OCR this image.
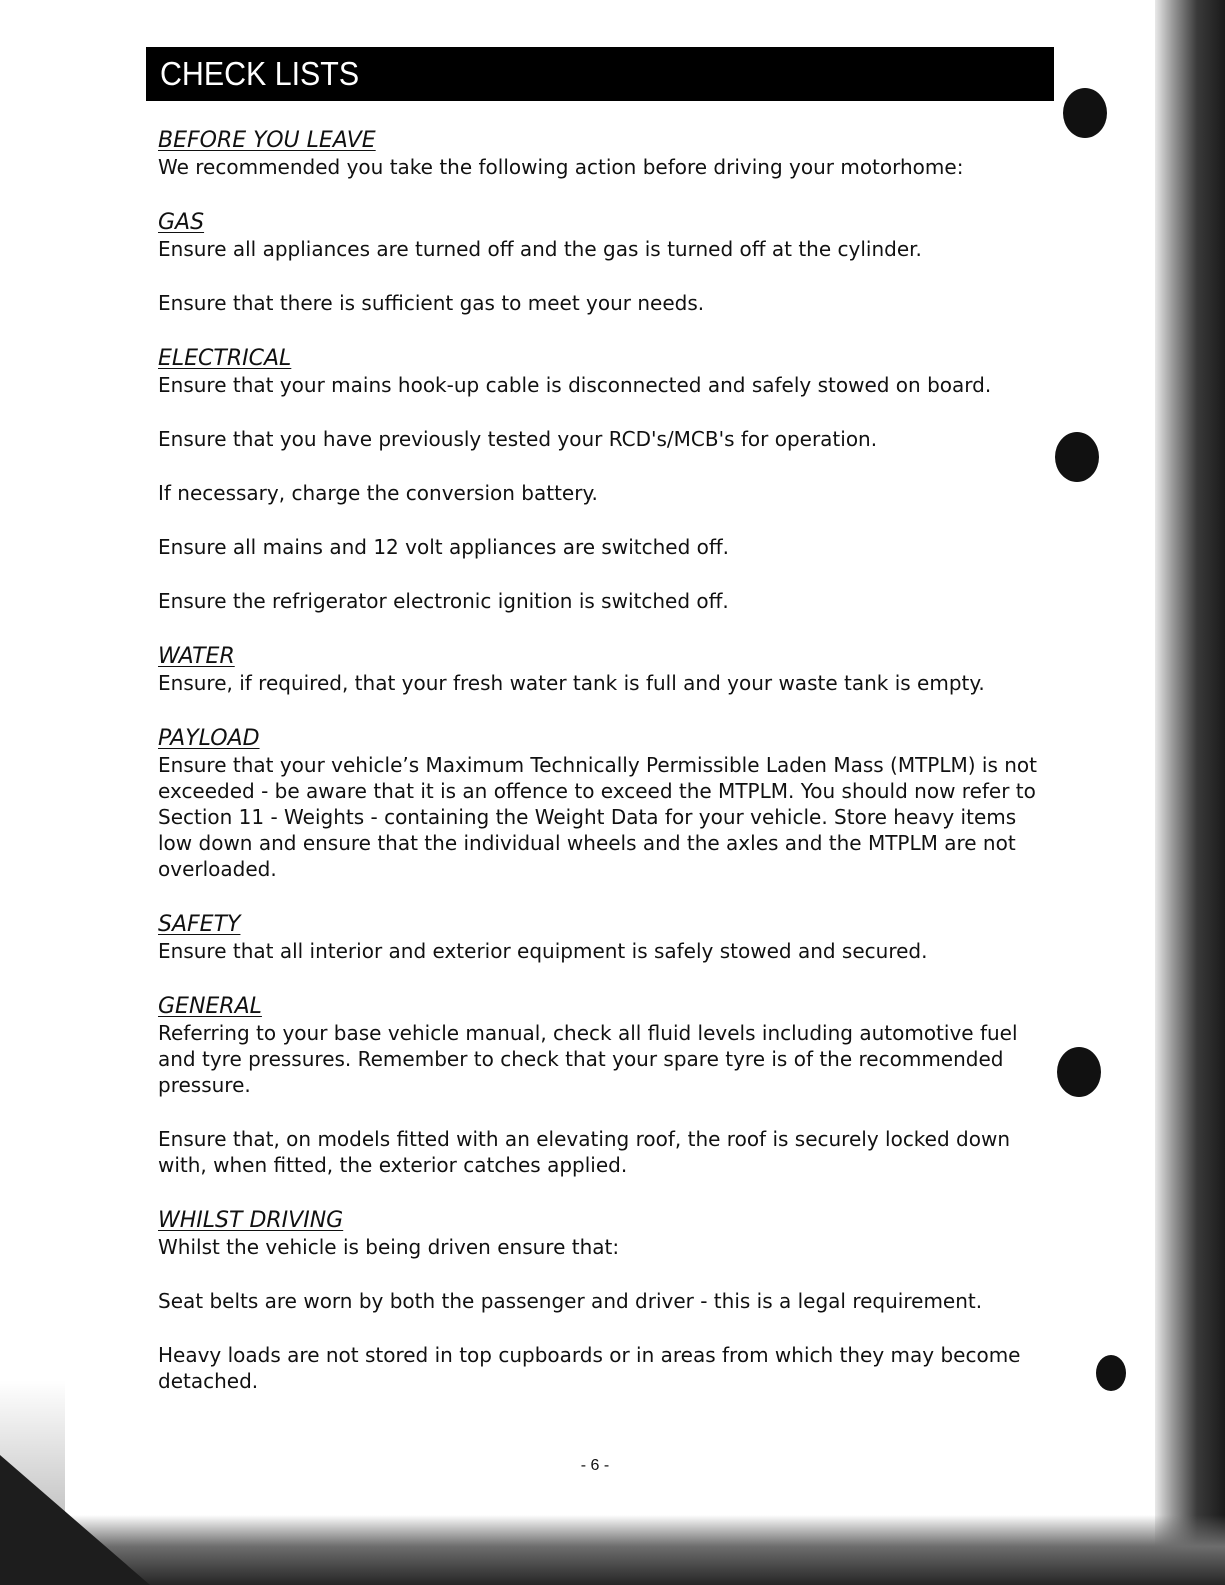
CHECK LISTS

BEFORE YOU LEAVE

We recommended you take the following action before driving your motorhome:

GAS

Ensure all appliances are turned off and the gas is turned off at the cylinder.

Ensure that there is sufficient gas to meet your needs.

ELECTRICAL

Ensure that your mains hook-up cable is disconnected and safely stowed on board.

Ensure that you have previously tested your RCD's/MCB's for operation.

If necessary, charge the conversion battery.

Ensure all mains and 12 volt appliances are switched off.

Ensure the refrigerator electronic ignition is switched off.

WATER

Ensure, if required, that your fresh water tank is full and your waste tank is empty.

PAYLOAD

Ensure that your vehicle’s Maximum Technically Permissible Laden Mass (MTPLM) is not exceeded - be aware that it is an offence to exceed the MTPLM. You should now refer to Section 11 - Weights - containing the Weight Data for your vehicle. Store heavy items low down and ensure that the individual wheels and the axles and the MTPLM are not overloaded.

SAFETY

Ensure that all interior and exterior equipment is safely stowed and secured.

GENERAL

Referring to your base vehicle manual, check all fluid levels including automotive fuel and tyre pressures. Remember to check that your spare tyre is of the recommended pressure.

Ensure that, on models fitted with an elevating roof, the roof is securely locked down with, when fitted, the exterior catches applied.

WHILST DRIVING

Whilst the vehicle is being driven ensure that:

Seat belts are worn by both the passenger and driver - this is a legal requirement.

Heavy loads are not stored in top cupboards or in areas from which they may become detached.

- 6 -
